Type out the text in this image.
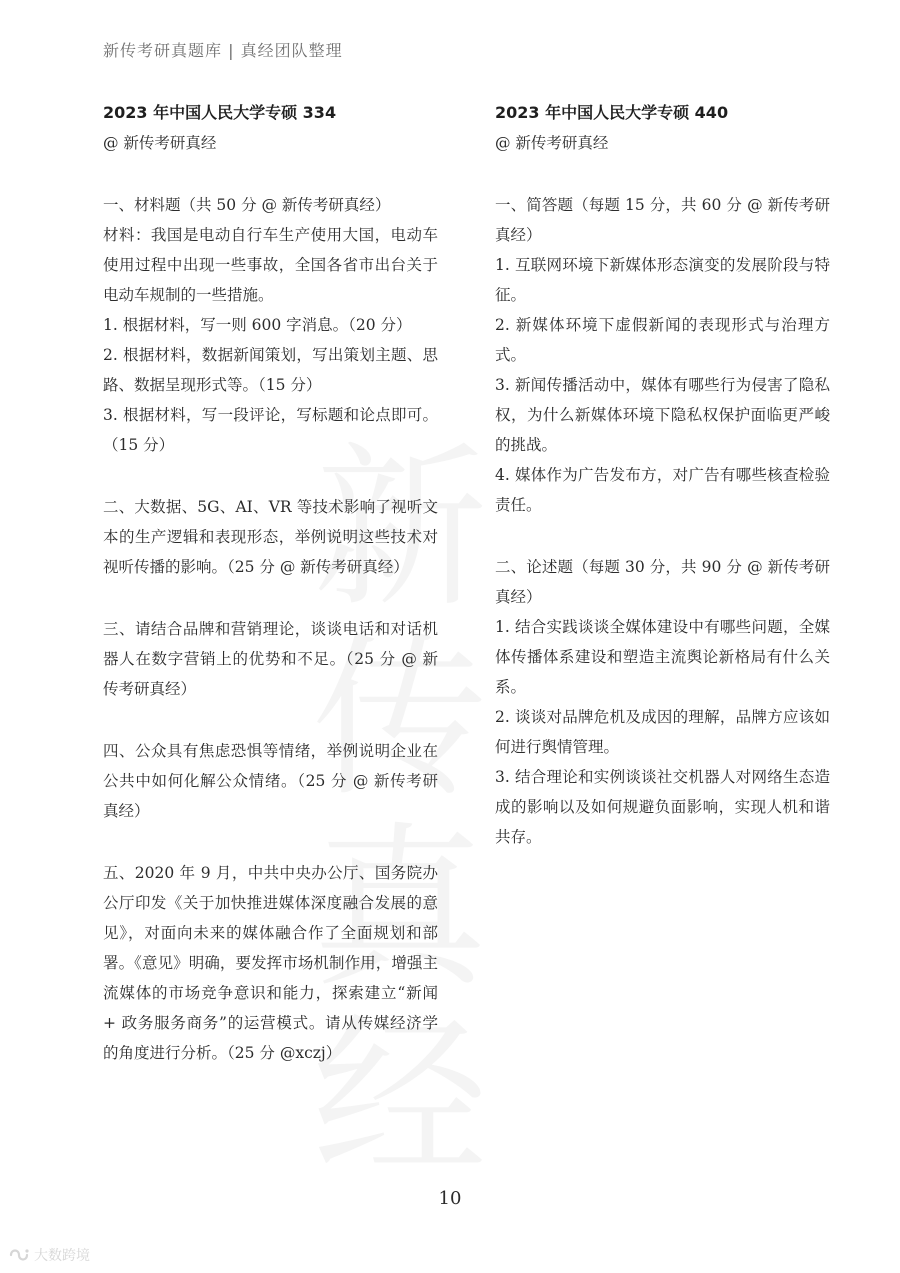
新传考研真题库 | 真经团队整理
2023 年中国人民大学专硕 334
@ 新传考研真经

一、材料题（共 50 分 @ 新传考研真经）

材料：我国是电动自行车生产使用大国，电动车使用过程中出现一些事故，全国各省市出台关于电动车规制的一些措施。

1. 根据材料，写一则 600 字消息。（20 分）

2. 根据材料，数据新闻策划，写出策划主题、思路、数据呈现形式等。（15 分）

3. 根据材料，写一段评论，写标题和论点即可。（15 分）

二、大数据、5G、AI、VR 等技术影响了视听文本的生产逻辑和表现形态，举例说明这些技术对视听传播的影响。（25 分 @ 新传考研真经）

三、请结合品牌和营销理论，谈谈电话和对话机器人在数字营销上的优势和不足。（25 分 @ 新传考研真经）

四、公众具有焦虑恐惧等情绪，举例说明企业在公共中如何化解公众情绪。（25 分 @ 新传考研真经）

五、2020 年 9 月，中共中央办公厅、国务院办公厅印发《关于加快推进媒体深度融合发展的意见》，对面向未来的媒体融合作了全面规划和部署。《意见》明确，要发挥市场机制作用，增强主流媒体的市场竞争意识和能力，探索建立“新闻 + 政务服务商务”的运营模式。请从传媒经济学的角度进行分析。（25 分 @xczj）

2023 年中国人民大学专硕 440
@ 新传考研真经

一、简答题（每题 15 分，共 60 分 @ 新传考研真经）

1. 互联网环境下新媒体形态演变的发展阶段与特征。

2. 新媒体环境下虚假新闻的表现形式与治理方式。

3. 新闻传播活动中，媒体有哪些行为侵害了隐私权，为什么新媒体环境下隐私权保护面临更严峻的挑战。

4. 媒体作为广告发布方，对广告有哪些核查检验责任。

二、论述题（每题 30 分，共 90 分 @ 新传考研真经）

1. 结合实践谈谈全媒体建设中有哪些问题，全媒体传播体系建设和塑造主流舆论新格局有什么关系。

2. 谈谈对品牌危机及成因的理解，品牌方应该如何进行舆情管理。

3. 结合理论和实例谈谈社交机器人对网络生态造成的影响以及如何规避负面影响，实现人机和谐共存。

10
大数跨境
